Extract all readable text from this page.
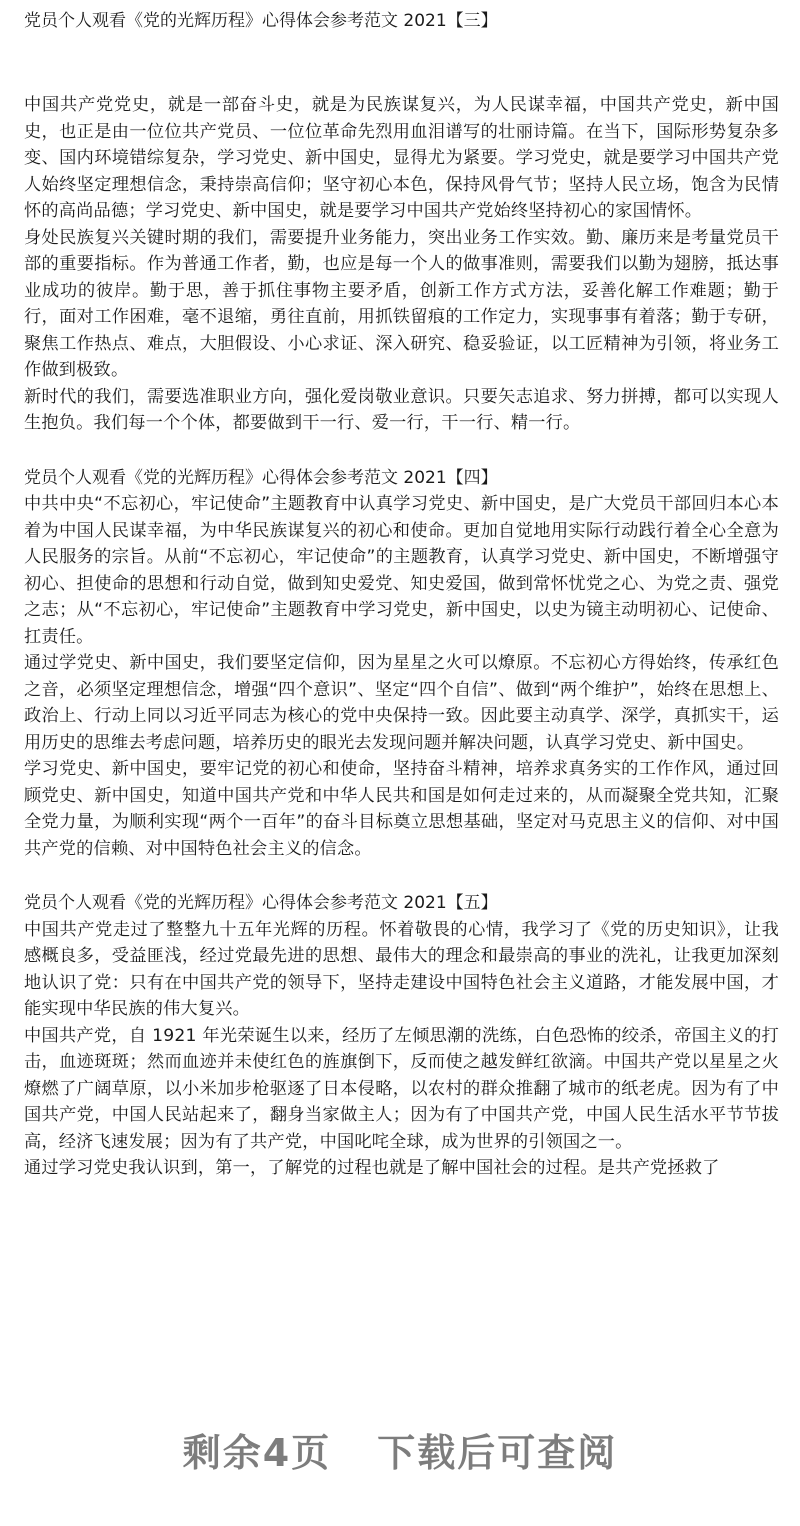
党员个人观看《党的光辉历程》心得体会参考范文 2021【三】

中国共产党党史，就是一部奋斗史，就是为民族谋复兴，为人民谋幸福，中国共产党史，新中国史，也正是由一位位共产党员、一位位革命先烈用血泪谱写的壮丽诗篇。在当下，国际形势复杂多变、国内环境错综复杂，学习党史、新中国史，显得尤为紧要。学习党史，就是要学习中国共产党人始终坚定理想信念，秉持崇高信仰；坚守初心本色，保持风骨气节；坚持人民立场，饱含为民情怀的高尚品德；学习党史、新中国史，就是要学习中国共产党始终坚持初心的家国情怀。

身处民族复兴关键时期的我们，需要提升业务能力，突出业务工作实效。勤、廉历来是考量党员干部的重要指标。作为普通工作者，勤，也应是每一个人的做事准则，需要我们以勤为翅膀，抵达事业成功的彼岸。勤于思，善于抓住事物主要矛盾，创新工作方式方法，妥善化解工作难题；勤于行，面对工作困难，毫不退缩，勇往直前，用抓铁留痕的工作定力，实现事事有着落；勤于专研，聚焦工作热点、难点，大胆假设、小心求证、深入研究、稳妥验证，以工匠精神为引领，将业务工作做到极致。

新时代的我们，需要选准职业方向，强化爱岗敬业意识。只要矢志追求、努力拼搏，都可以实现人生抱负。我们每一个个体，都要做到干一行、爱一行，干一行、精一行。

党员个人观看《党的光辉历程》心得体会参考范文 2021【四】

中共中央“不忘初心，牢记使命”主题教育中认真学习党史、新中国史，是广大党员干部回归本心本着为中国人民谋幸福，为中华民族谋复兴的初心和使命。更加自觉地用实际行动践行着全心全意为人民服务的宗旨。从前“不忘初心，牢记使命”的主题教育，认真学习党史、新中国史，不断增强守初心、担使命的思想和行动自觉，做到知史爱党、知史爱国，做到常怀忧党之心、为党之责、强党之志；从“不忘初心，牢记使命”主题教育中学习党史，新中国史，以史为镜主动明初心、记使命、扛责任。

通过学党史、新中国史，我们要坚定信仰，因为星星之火可以燎原。不忘初心方得始终，传承红色之音，必须坚定理想信念，增强“四个意识”、坚定“四个自信”、做到“两个维护”，始终在思想上、政治上、行动上同以习近平同志为核心的党中央保持一致。因此要主动真学、深学，真抓实干，运用历史的思维去考虑问题，培养历史的眼光去发现问题并解决问题，认真学习党史、新中国史。

学习党史、新中国史，要牢记党的初心和使命，坚持奋斗精神，培养求真务实的工作作风，通过回顾党史、新中国史，知道中国共产党和中华人民共和国是如何走过来的，从而凝聚全党共知，汇聚全党力量，为顺利实现“两个一百年”的奋斗目标奠立思想基础，坚定对马克思主义的信仰、对中国共产党的信赖、对中国特色社会主义的信念。

党员个人观看《党的光辉历程》心得体会参考范文 2021【五】

中国共产党走过了整整九十五年光辉的历程。怀着敬畏的心情，我学习了《党的历史知识》，让我感概良多，受益匪浅，经过党最先进的思想、最伟大的理念和最崇高的事业的洗礼，让我更加深刻地认识了党：只有在中国共产党的领导下，坚持走建设中国特色社会主义道路，才能发展中国，才能实现中华民族的伟大复兴。

中国共产党，自 1921 年光荣诞生以来，经历了左倾思潮的洗练，白色恐怖的绞杀，帝国主义的打击，血迹斑斑；然而血迹并未使红色的旌旗倒下，反而使之越发鲜红欲滴。中国共产党以星星之火燎燃了广阔草原，以小米加步枪驱逐了日本侵略，以农村的群众推翻了城市的纸老虎。因为有了中国共产党，中国人民站起来了，翻身当家做主人；因为有了中国共产党，中国人民生活水平节节拔高，经济飞速发展；因为有了共产党，中国叱咤全球，成为世界的引领国之一。

通过学习党史我认识到，第一，了解党的过程也就是了解中国社会的过程。是共产党拯救了

剩余4页 下载后可查阅
